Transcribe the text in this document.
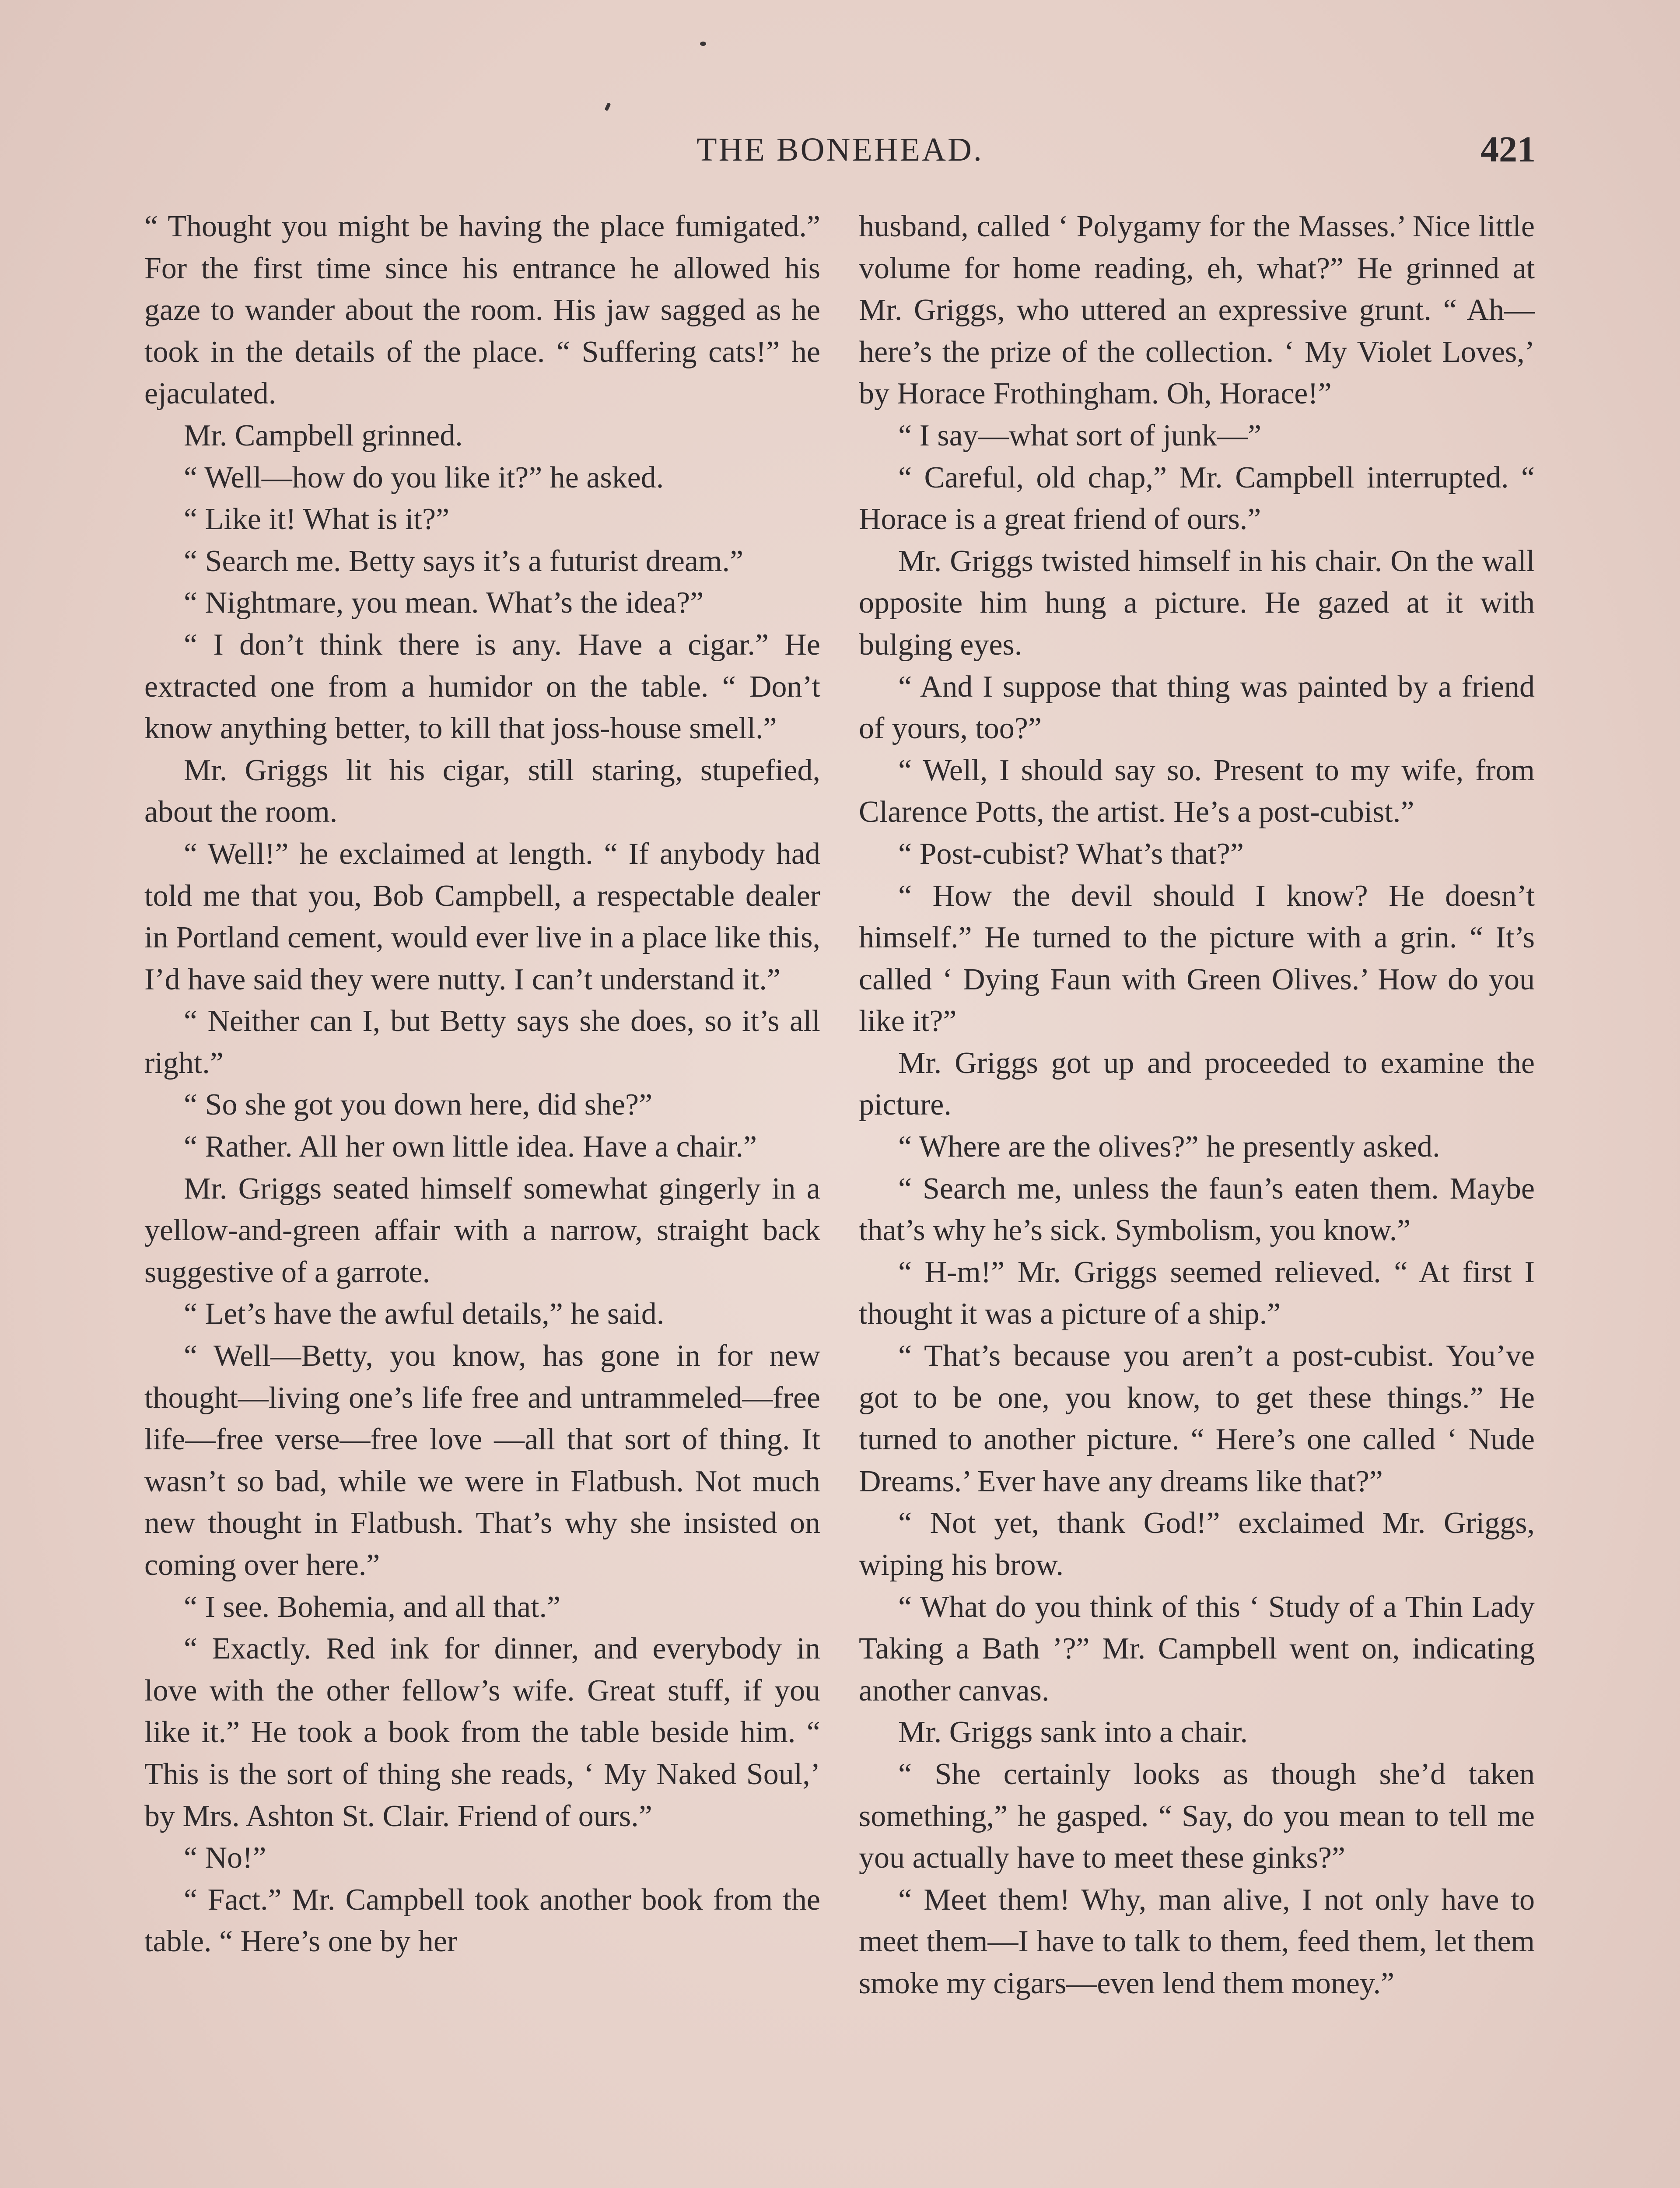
THE BONEHEAD.	421

“ Thought you might be having the place fumigated.” For the first time since his entrance he allowed his gaze to wander about the room. His jaw sagged as he took in the details of the place. “ Suffering cats!” he ejaculated.

Mr. Campbell grinned.

“ Well—how do you like it?” he asked.

“ Like it! What is it?”

“ Search me. Betty says it’s a futurist dream.”

“ Nightmare, you mean. What’s the idea?”

“ I don’t think there is any. Have a cigar.” He extracted one from a humidor on the table. “ Don’t know anything better, to kill that joss-house smell.”

Mr. Griggs lit his cigar, still staring, stupefied, about the room.

“ Well!” he exclaimed at length. “ If anybody had told me that you, Bob Campbell, a respectable dealer in Portland cement, would ever live in a place like this, I’d have said they were nutty. I can’t understand it.”

“ Neither can I, but Betty says she does, so it’s all right.”

“ So she got you down here, did she?”

“ Rather. All her own little idea. Have a chair.”

Mr. Griggs seated himself somewhat gingerly in a yellow-and-green affair with a narrow, straight back suggestive of a garrote.

“ Let’s have the awful details,” he said.

“ Well—Betty, you know, has gone in for new thought—living one’s life free and untrammeled—free life—free verse—free love —all that sort of thing. It wasn’t so bad, while we were in Flatbush. Not much new thought in Flatbush. That’s why she insisted on coming over here.”

“ I see. Bohemia, and all that.”

“ Exactly. Red ink for dinner, and everybody in love with the other fellow’s wife. Great stuff, if you like it.” He took a book from the table beside him. “ This is the sort of thing she reads, ‘ My Naked Soul,’ by Mrs. Ashton St. Clair. Friend of ours.”

“ No!”

“ Fact.” Mr. Campbell took another book from the table. “ Here’s one by her

husband, called ‘ Polygamy for the Masses.’ Nice little volume for home reading, eh, what?” He grinned at Mr. Griggs, who uttered an expressive grunt. “ Ah—here’s the prize of the collection. ‘ My Violet Loves,’ by Horace Frothingham. Oh, Horace!”

“ I say—what sort of junk—”

“ Careful, old chap,” Mr. Campbell interrupted. “ Horace is a great friend of ours.”

Mr. Griggs twisted himself in his chair. On the wall opposite him hung a picture. He gazed at it with bulging eyes.

“ And I suppose that thing was painted by a friend of yours, too?”

“ Well, I should say so. Present to my wife, from Clarence Potts, the artist. He’s a post-cubist.”

“ Post-cubist? What’s that?”

“ How the devil should I know? He doesn’t himself.” He turned to the picture with a grin. “ It’s called ‘ Dying Faun with Green Olives.’ How do you like it?”

Mr. Griggs got up and proceeded to examine the picture.

“ Where are the olives?” he presently asked.

“ Search me, unless the faun’s eaten them. Maybe that’s why he’s sick. Symbolism, you know.”

“ H-m!” Mr. Griggs seemed relieved. “ At first I thought it was a picture of a ship.”

“ That’s because you aren’t a post-cubist. You’ve got to be one, you know, to get these things.” He turned to another picture. “ Here’s one called ‘ Nude Dreams.’ Ever have any dreams like that?”

“ Not yet, thank God!” exclaimed Mr. Griggs, wiping his brow.

“ What do you think of this ‘ Study of a Thin Lady Taking a Bath ’?” Mr. Campbell went on, indicating another canvas.

Mr. Griggs sank into a chair.

“ She certainly looks as though she’d taken something,” he gasped. “ Say, do you mean to tell me you actually have to meet these ginks?”

“ Meet them! Why, man alive, I not only have to meet them—I have to talk to them, feed them, let them smoke my cigars—even lend them money.”
